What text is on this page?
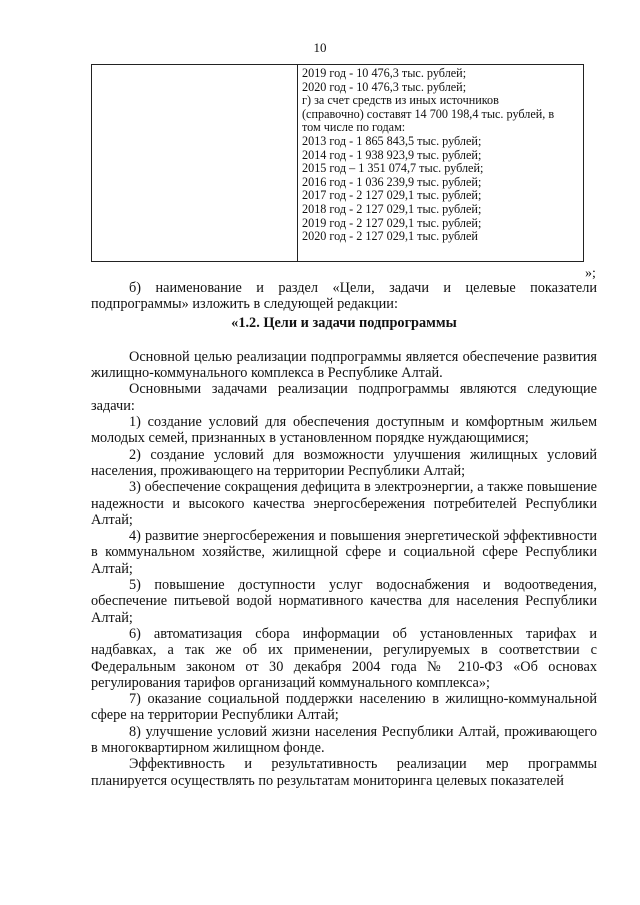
10

2019 год - 10 476,3 тыс. рублей;
2020 год - 10 476,3 тыс. рублей;
г) за счет средств из иных источников
(справочно) составят 14 700 198,4 тыс. рублей, в
том числе по годам:
2013 год - 1 865 843,5 тыс. рублей;
2014 год - 1 938 923,9 тыс. рублей;
2015 год – 1 351 074,7 тыс. рублей;
2016 год - 1 036 239,9 тыс. рублей;
2017 год - 2 127 029,1 тыс. рублей;
2018 год - 2 127 029,1 тыс. рублей;
2019 год - 2 127 029,1 тыс. рублей;
2020 год - 2 127 029,1 тыс. рублей
»;

б) наименование и раздел «Цели, задачи и целевые показатели подпрограммы» изложить в следующей редакции:

«1.2. Цели и задачи подпрограммы

Основной целью реализации подпрограммы является обеспечение развития жилищно-коммунального комплекса в Республике Алтай.

Основными задачами реализации подпрограммы являются следующие задачи:

1) создание условий для обеспечения доступным и комфортным жильем молодых семей, признанных в установленном порядке нуждающимися;

2) создание условий для возможности улучшения жилищных условий населения, проживающего на территории Республики Алтай;

3) обеспечение сокращения дефицита в электроэнергии, а также повышение надежности и высокого качества энергосбережения потребителей Республики Алтай;

4) развитие энергосбережения и повышения энергетической эффективности в коммунальном хозяйстве, жилищной сфере и социальной сфере Республики Алтай;

5) повышение доступности услуг водоснабжения и водоотведения, обеспечение питьевой водой нормативного качества для населения Республики Алтай;

6) автоматизация сбора информации об установленных тарифах и надбавках, а так же об их применении, регулируемых в соответствии с Федеральным законом от 30 декабря 2004 года № 210-ФЗ «Об основах регулирования тарифов организаций коммунального комплекса»;

7) оказание социальной поддержки населению в жилищно-коммунальной сфере на территории Республики Алтай;

8) улучшение условий жизни населения Республики Алтай, проживающего в многоквартирном жилищном фонде.

Эффективность и результативность реализации мер программы планируется осуществлять по результатам мониторинга целевых показателей
